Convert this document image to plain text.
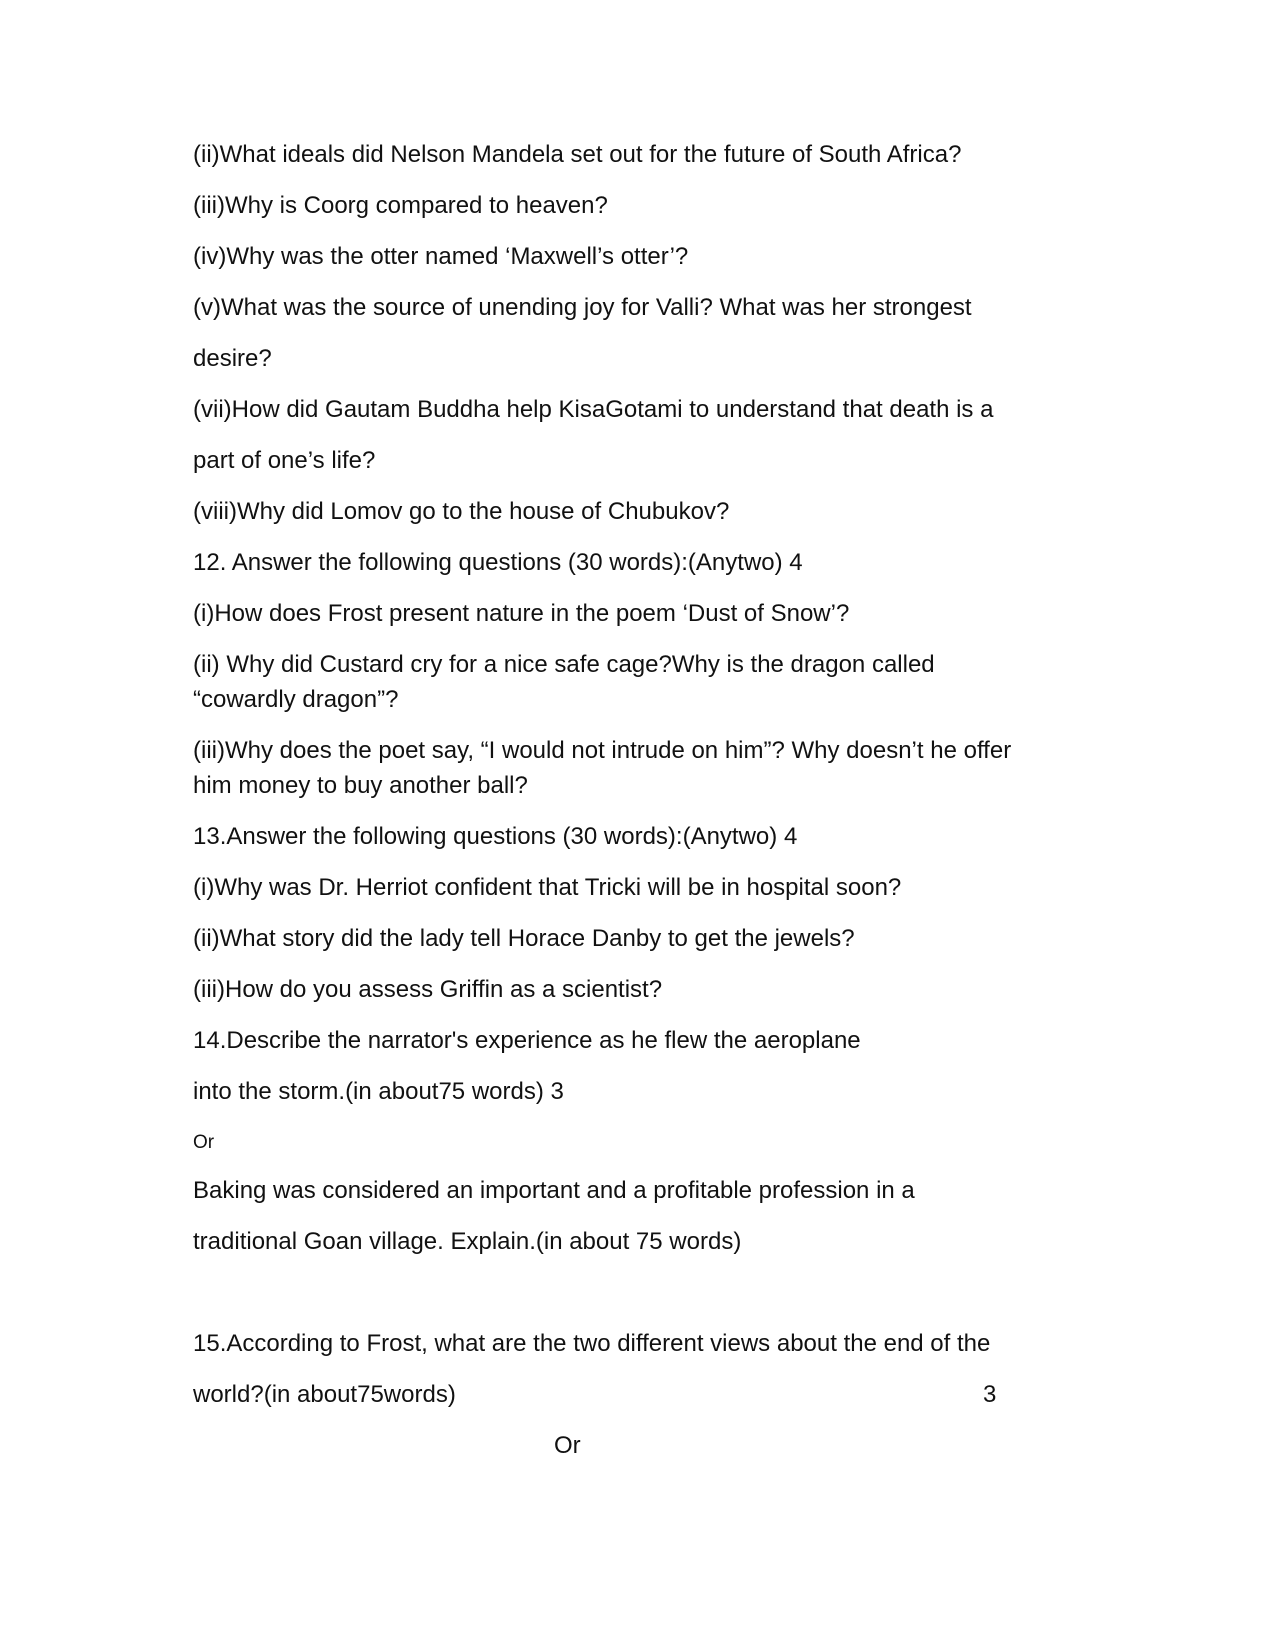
(ii)What ideals did Nelson Mandela set out for the future of South Africa?
(iii)Why is Coorg compared to heaven?
(iv)Why was the otter named ‘Maxwell’s otter’?
(v)What was the source of unending joy for Valli? What was her strongest
desire?
(vii)How did Gautam Buddha help KisaGotami to understand that death is a
part of one’s life?
(viii)Why did Lomov go to the house of Chubukov?
12. Answer the following questions (30 words):(Anytwo) 4
(i)How does Frost present nature in the poem ‘Dust of Snow’?
(ii) Why did Custard cry for a nice safe cage?Why is the dragon called
“cowardly dragon”?
(iii)Why does the poet say, “I would not intrude on him”? Why doesn’t he offer
him money to buy another ball?
13.Answer the following questions (30 words):(Anytwo) 4
(i)Why was Dr. Herriot confident that Tricki will be in hospital soon?
(ii)What story did the lady tell Horace Danby to get the jewels?
(iii)How do you assess Griffin as a scientist?
14.Describe the narrator's experience as he flew the aeroplane
into the storm.(in about75 words) 3
Or
Baking was considered an important and a profitable profession in a
traditional Goan village. Explain.(in about 75 words)
15.According to Frost, what are the two different views about the end of the
world?(in about75words)	3
Or
